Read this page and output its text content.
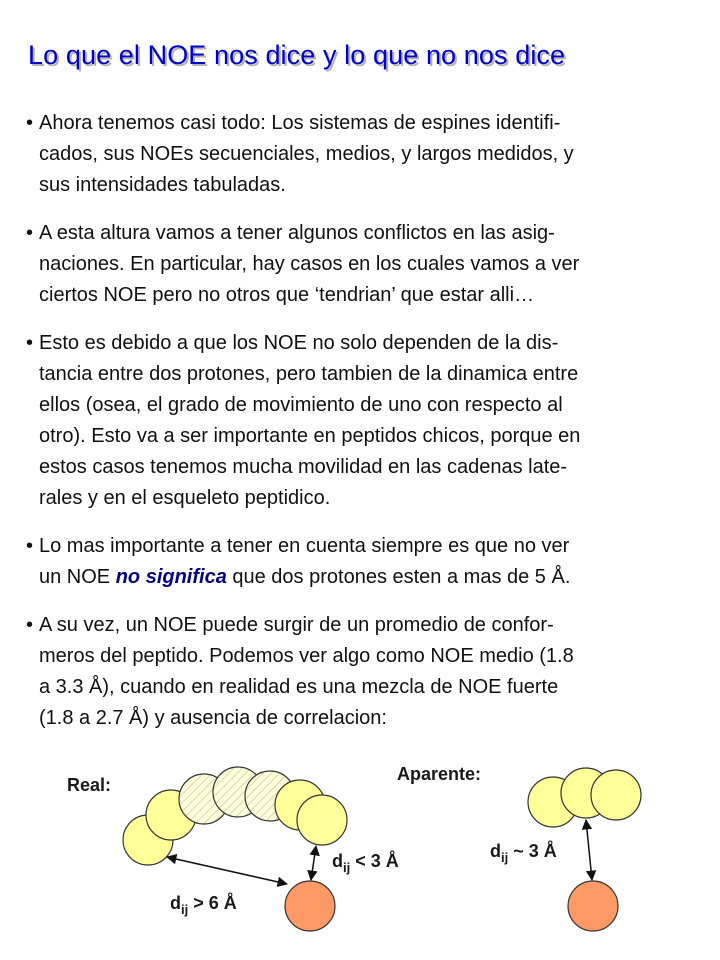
Lo que el NOE nos dice y lo que no nos dice
• Ahora tenemos casi todo: Los sistemas de espines identifi-
cados, sus NOEs secuenciales, medios, y largos medidos, y
sus intensidades tabuladas.
• A esta altura vamos a tener algunos conflictos en las asig-
naciones. En particular, hay casos en los cuales vamos a ver
ciertos NOE pero no otros que ‘tendrian’ que estar alli…
• Esto es debido a que los NOE no solo dependen de la dis-
tancia entre dos protones, pero tambien de la dinamica entre
ellos (osea, el grado de movimiento de uno con respecto al
otro). Esto va a ser importante en peptidos chicos, porque en
estos casos tenemos mucha movilidad en las cadenas late-
rales y en el esqueleto peptidico.
• Lo mas importante a tener en cuenta siempre es que no ver
un NOE no significa que dos protones esten a mas de 5 Å.
• A su vez, un NOE puede surgir de un promedio de confor-
meros del peptido. Podemos ver algo como NOE medio (1.8
a 3.3 Å), cuando en realidad es una mezcla de NOE fuerte
(1.8 a 2.7 Å) y ausencia de correlacion:
Real:
Aparente:
$d_{ij} > 6$ Å
$d_{ij} < 3$ Å	$d_{ij}$ ~ 3 Å
